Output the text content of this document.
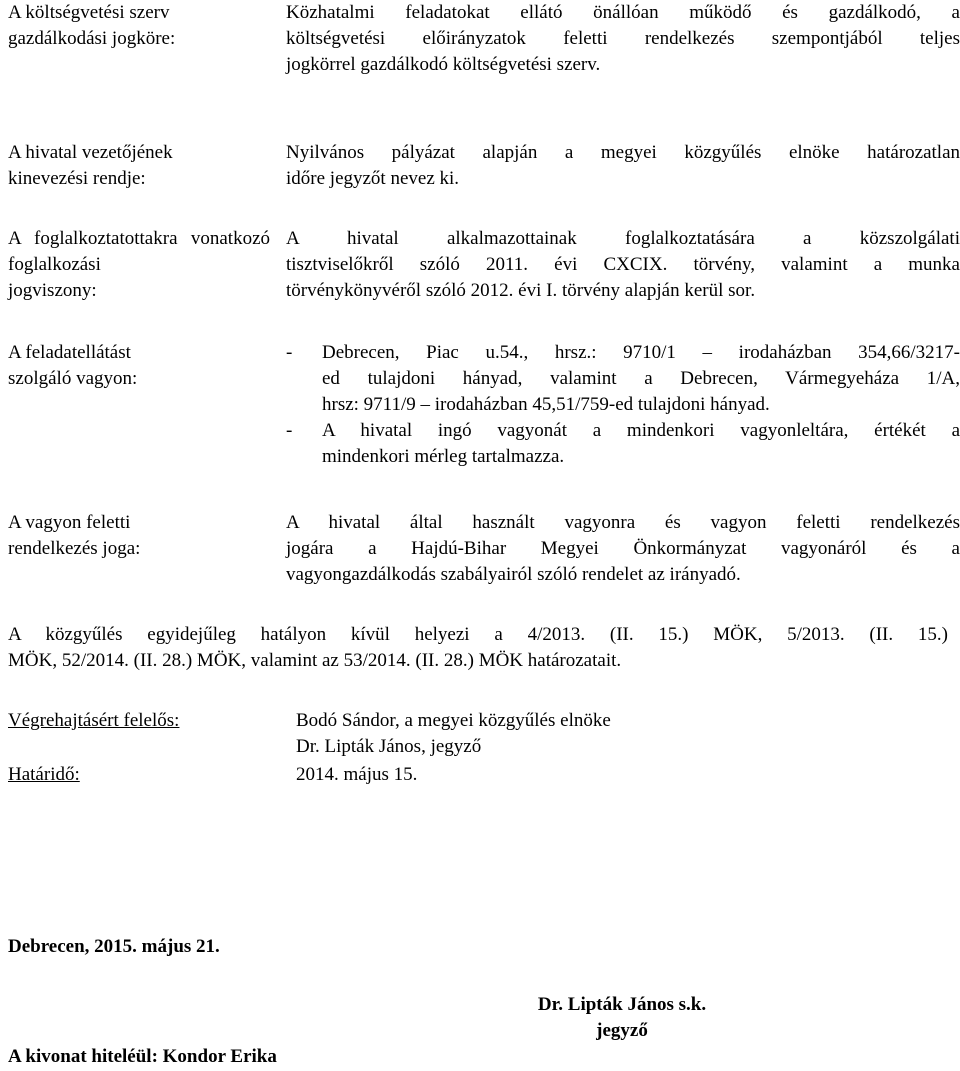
A költségvetési szerv
gazdálkodási jogköre:
Közhatalmi feladatokat ellátó önállóan működő és gazdálkodó, a
költségvetési előirányzatok feletti rendelkezés szempontjából teljes
jogkörrel gazdálkodó költségvetési szerv.
A hivatal vezetőjének
kinevezési rendje:
Nyilvános pályázat alapján a megyei közgyűlés elnöke határozatlan
időre jegyzőt nevez ki.
A foglalkoztatottakra vonatkozó foglalkozási
jogviszony:
A hivatal alkalmazottainak foglalkoztatására a közszolgálati
tisztviselőkről szóló 2011. évi CXCIX. törvény, valamint a munka
törvénykönyvéről szóló 2012. évi I. törvény alapján kerül sor.
A feladatellátást
szolgáló vagyon:
- Debrecen, Piac u.54., hrsz.: 9710/1 – irodaházban 354,66/3217-
ed tulajdoni hányad, valamint a Debrecen, Vármegyeháza 1/A,
hrsz: 9711/9 – irodaházban 45,51/759-ed tulajdoni hányad.
- A hivatal ingó vagyonát a mindenkori vagyonleltára, értékét a
mindenkori mérleg tartalmazza.
A vagyon feletti
rendelkezés joga:
A hivatal által használt vagyonra és vagyon feletti rendelkezés
jogára a Hajdú-Bihar Megyei Önkormányzat vagyonáról és a
vagyongazdálkodás szabályairól szóló rendelet az irányadó.
A közgyűlés egyidejűleg hatályon kívül helyezi a 4/2013. (II. 15.) MÖK, 5/2013. (II. 15.)
MÖK, 52/2014. (II. 28.) MÖK, valamint az 53/2014. (II. 28.) MÖK határozatait.
Végrehajtásért felelős:	Bodó Sándor, a megyei közgyűlés elnöke
Dr. Lipták János, jegyző
Határidő:	2014. május 15.
Debrecen, 2015. május 21.
Dr. Lipták János s.k.
jegyző
A kivonat hiteléül: Kondor Erika
